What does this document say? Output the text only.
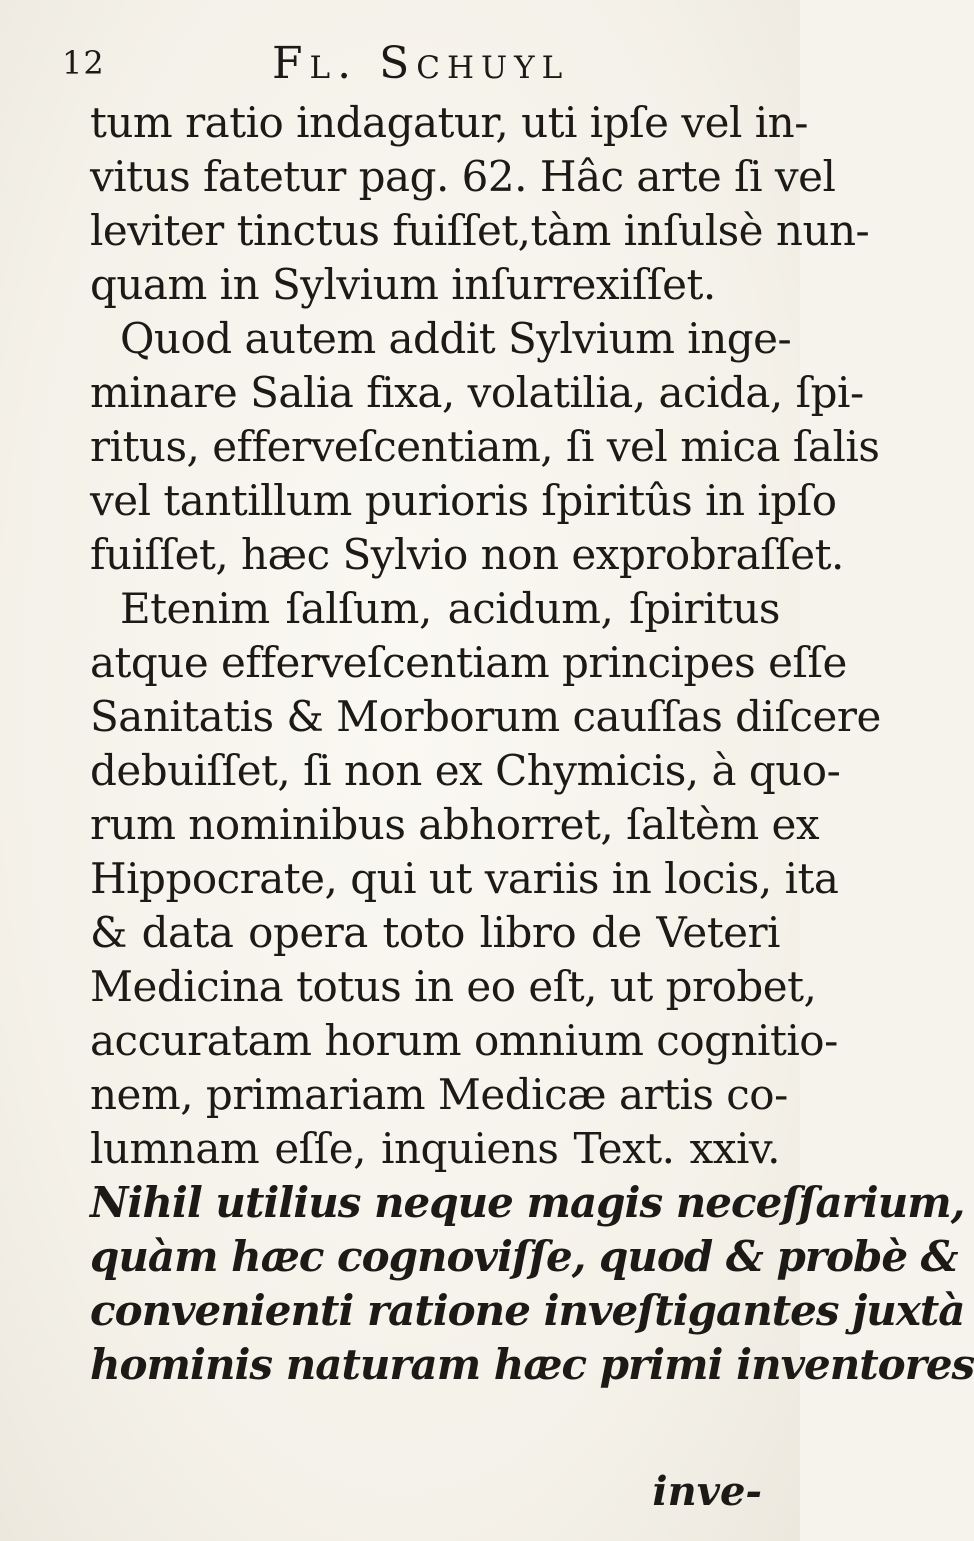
12	Fl. Schuyl
tum ratio indagatur, uti ipſe vel in-
vitus fatetur pag. 62. Hâc arte ſi vel
leviter tinctus fuiſſet,tàm inſulsè nun-
quam in Sylvium inſurrexiſſet.
Quod autem addit Sylvium inge-
minare Salia fixa, volatilia, acida, ſpi-
ritus, efferveſcentiam, ſi vel mica ſalis
vel tantillum purioris ſpiritûs in ipſo
fuiſſet, hæc Sylvio non exprobraſſet.
Etenim ſalſum, acidum, ſpiritus
atque efferveſcentiam principes eſſe
Sanitatis & Morborum cauſſas diſcere
debuiſſet, ſi non ex Chymicis, à quo-
rum nominibus abhorret, ſaltèm ex
Hippocrate, qui ut variis in locis, ita
& data opera toto libro de Veteri
Medicina totus in eo eſt, ut probet,
accuratam horum omnium cognitio-
nem, primariam Medicæ artis co-
lumnam eſſe, inquiens Text. xxiv.
Nihil utilius neque magis neceſſarium,
quàm hæc cognoviſſe, quod & probè &
convenienti ratione inveſtigantes juxtà
hominis naturam hæc primi inventores
inve-
